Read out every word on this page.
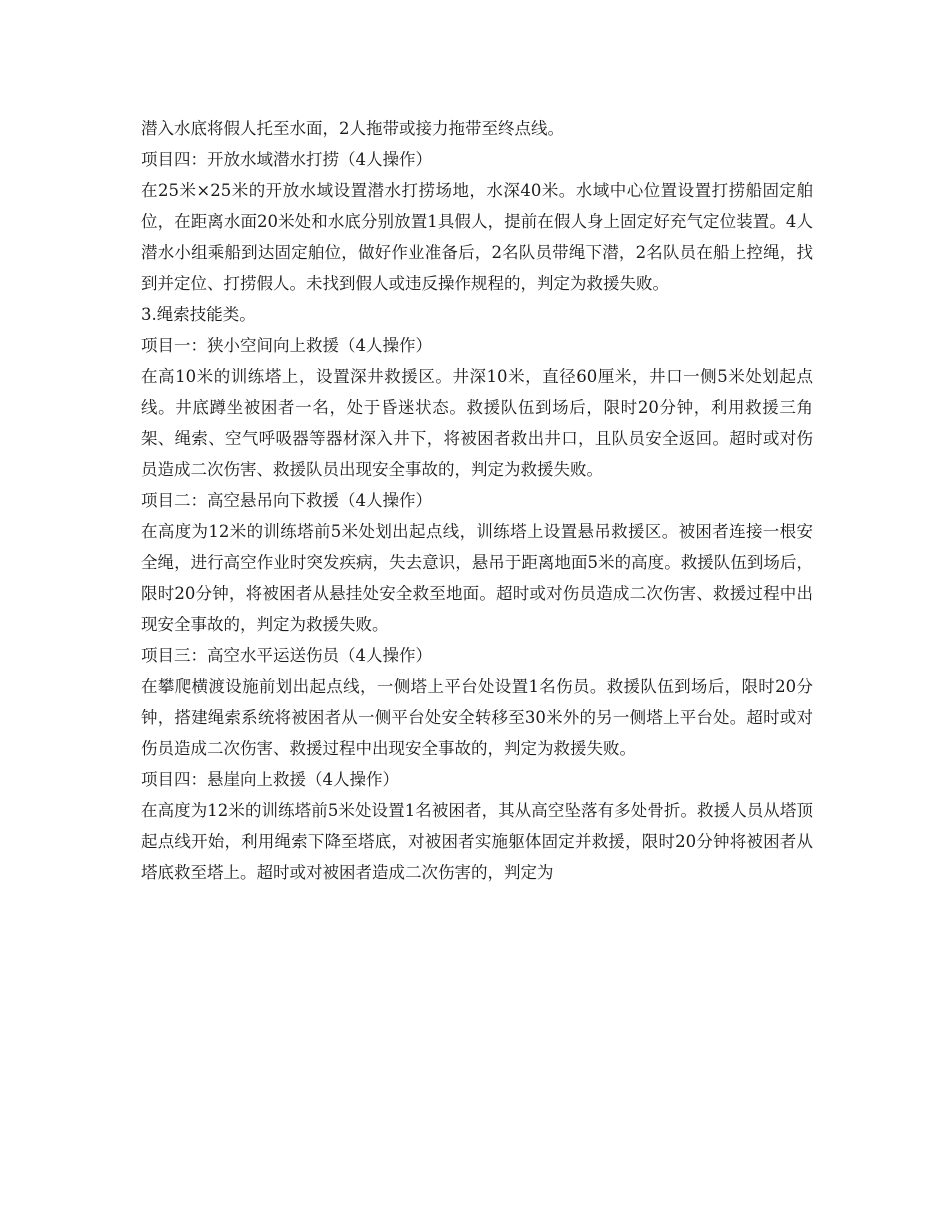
潜入水底将假人托至水面，2人拖带或接力拖带至终点线。

项目四：开放水域潜水打捞（4人操作）

在25米×25米的开放水域设置潜水打捞场地，水深40米。水域中心位置设置打捞船固定舶位，在距离水面20米处和水底分别放置1具假人，提前在假人身上固定好充气定位装置。4人潜水小组乘船到达固定舶位，做好作业准备后，2名队员带绳下潜，2名队员在船上控绳，找到并定位、打捞假人。未找到假人或违反操作规程的，判定为救援失败。

3.绳索技能类。

项目一：狭小空间向上救援（4人操作）

在高10米的训练塔上，设置深井救援区。井深10米，直径60厘米，井口一侧5米处划起点线。井底蹲坐被困者一名，处于昏迷状态。救援队伍到场后，限时20分钟，利用救援三角架、绳索、空气呼吸器等器材深入井下，将被困者救出井口，且队员安全返回。超时或对伤员造成二次伤害、救援队员出现安全事故的，判定为救援失败。

项目二：高空悬吊向下救援（4人操作）

在高度为12米的训练塔前5米处划出起点线，训练塔上设置悬吊救援区。被困者连接一根安全绳，进行高空作业时突发疾病，失去意识，悬吊于距离地面5米的高度。救援队伍到场后，限时20分钟，将被困者从悬挂处安全救至地面。超时或对伤员造成二次伤害、救援过程中出现安全事故的，判定为救援失败。

项目三：高空水平运送伤员（4人操作）

在攀爬横渡设施前划出起点线，一侧塔上平台处设置1名伤员。救援队伍到场后，限时20分钟，搭建绳索系统将被困者从一侧平台处安全转移至30米外的另一侧塔上平台处。超时或对伤员造成二次伤害、救援过程中出现安全事故的，判定为救援失败。

项目四：悬崖向上救援（4人操作）

在高度为12米的训练塔前5米处设置1名被困者，其从高空坠落有多处骨折。救援人员从塔顶起点线开始，利用绳索下降至塔底，对被困者实施躯体固定并救援，限时20分钟将被困者从塔底救至塔上。超时或对被困者造成二次伤害的，判定为
